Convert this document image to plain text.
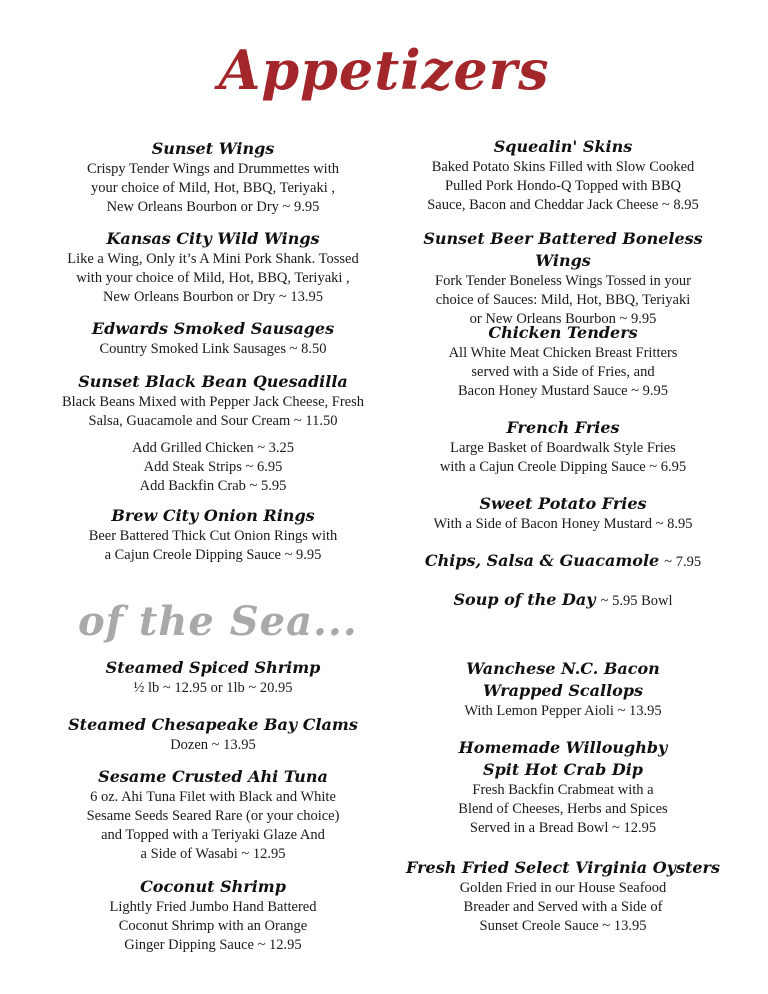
Appetizers
of the Sea...
Sunset Wings
Crispy Tender Wings and Drummettes with
your choice of Mild, Hot, BBQ, Teriyaki ,
New Orleans Bourbon or Dry ~ 9.95
Kansas City Wild Wings
Like a Wing, Only it’s A Mini Pork Shank. Tossed
with your choice of Mild, Hot, BBQ, Teriyaki ,
New Orleans Bourbon or Dry ~ 13.95
Edwards Smoked Sausages
Country Smoked Link Sausages ~ 8.50
Sunset Black Bean Quesadilla
Black Beans Mixed with Pepper Jack Cheese, Fresh
Salsa, Guacamole and Sour Cream ~ 11.50
Add Grilled Chicken ~ 3.25
Add Steak Strips ~ 6.95
Add Backfin Crab ~ 5.95
Brew City Onion Rings
Beer Battered Thick Cut Onion Rings with
a Cajun Creole Dipping Sauce ~ 9.95
Squealin' Skins
Baked Potato Skins Filled with Slow Cooked
Pulled Pork Hondo-Q Topped with BBQ
Sauce, Bacon and Cheddar Jack Cheese ~ 8.95
Sunset Beer Battered Boneless Wings
Fork Tender Boneless Wings Tossed in your
choice of Sauces: Mild, Hot, BBQ, Teriyaki
or New Orleans Bourbon ~ 9.95
Chicken Tenders
All White Meat Chicken Breast Fritters
served with a Side of Fries, and
Bacon Honey Mustard Sauce ~ 9.95
French Fries
Large Basket of Boardwalk Style Fries
with a Cajun Creole Dipping Sauce ~ 6.95
Sweet Potato Fries
With a Side of Bacon Honey Mustard ~ 8.95
Chips, Salsa & Guacamole ~ 7.95
Soup of the Day ~ 5.95 Bowl
Steamed Spiced Shrimp
½ lb ~ 12.95 or 1lb ~ 20.95
Steamed Chesapeake Bay Clams
Dozen ~ 13.95
Sesame Crusted Ahi Tuna
6 oz. Ahi Tuna Filet with Black and White
Sesame Seeds Seared Rare (or your choice)
and Topped with a Teriyaki Glaze And
a Side of Wasabi ~ 12.95
Coconut Shrimp
Lightly Fried Jumbo Hand Battered
Coconut Shrimp with an Orange
Ginger Dipping Sauce ~ 12.95
Wanchese N.C. Bacon
Wrapped Scallops
With Lemon Pepper Aioli ~ 13.95
Homemade Willoughby
Spit Hot Crab Dip
Fresh Backfin Crabmeat with a
Blend of Cheeses, Herbs and Spices
Served in a Bread Bowl ~ 12.95
Fresh Fried Select Virginia Oysters
Golden Fried in our House Seafood
Breader and Served with a Side of
Sunset Creole Sauce ~ 13.95
